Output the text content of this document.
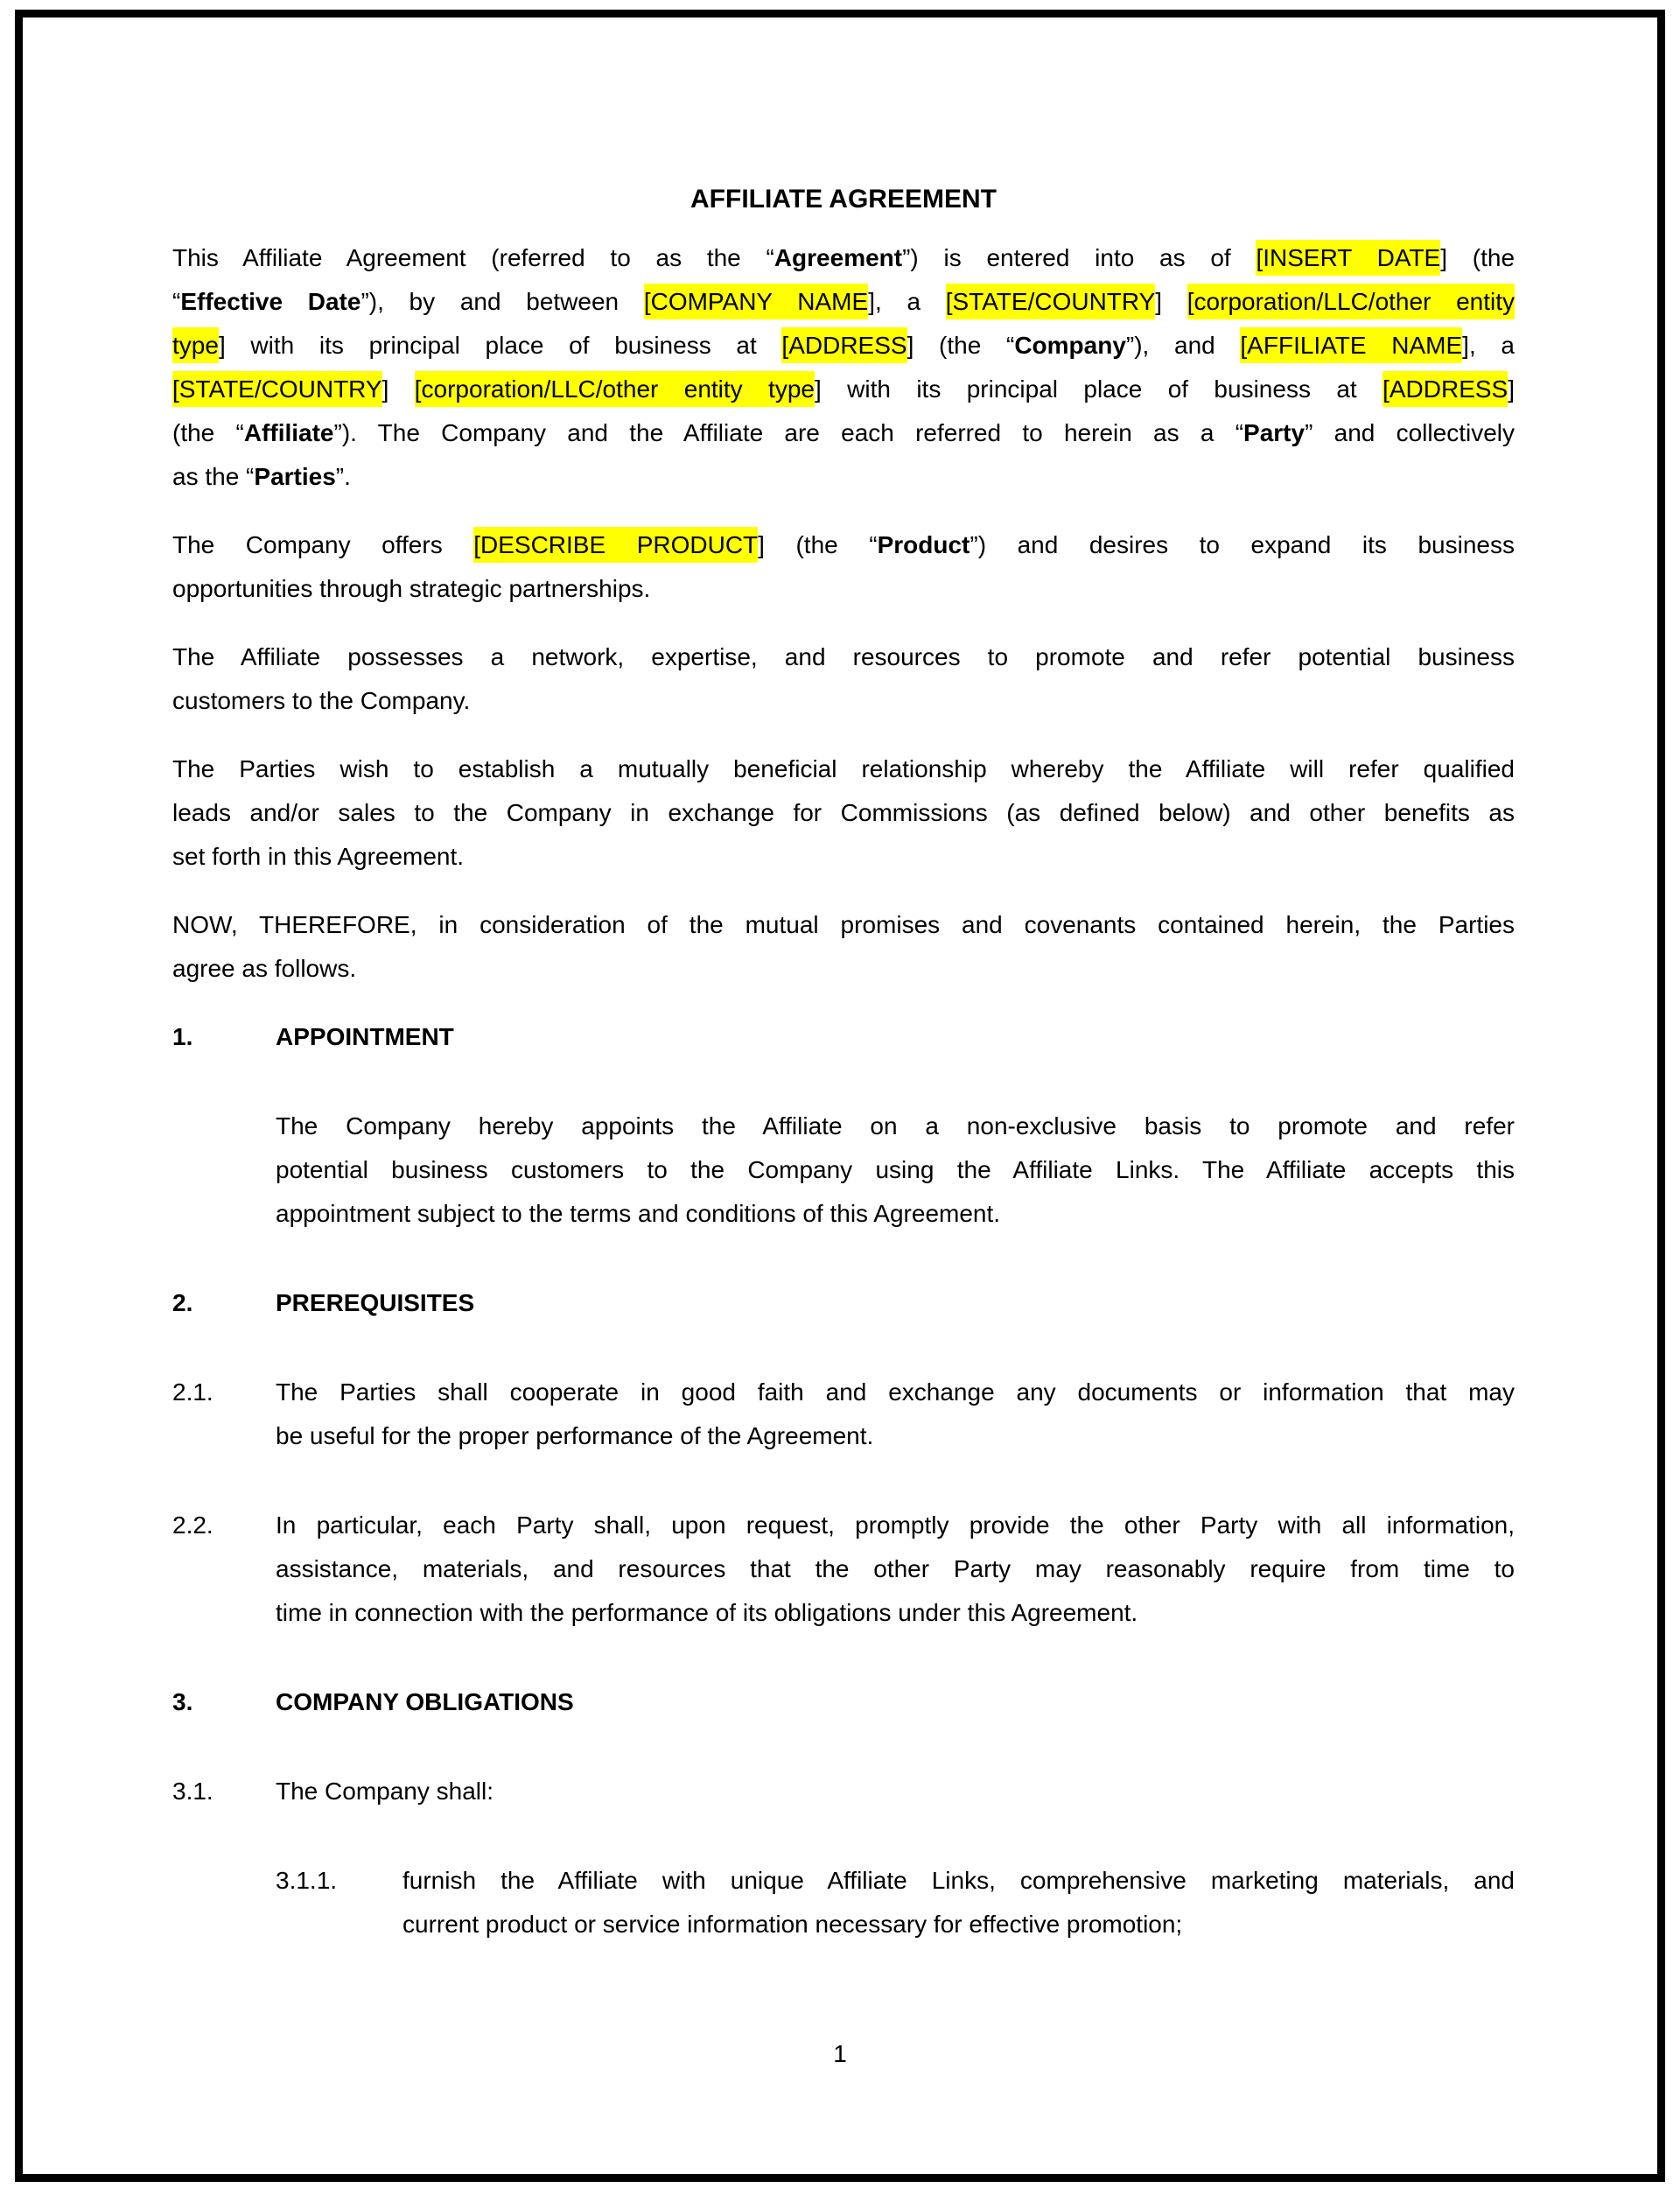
AFFILIATE AGREEMENT
This Affiliate Agreement (referred to as the “Agreement”) is entered into as of [INSERT DATE] (the
“Effective Date”), by and between [COMPANY NAME], a [STATE/COUNTRY] [corporation/LLC/other entity
type] with its principal place of business at [ADDRESS] (the “Company”), and [AFFILIATE NAME], a
[STATE/COUNTRY] [corporation/LLC/other entity type] with its principal place of business at [ADDRESS]
(the “Affiliate”). The Company and the Affiliate are each referred to herein as a “Party” and collectively
as the “Parties”.
The Company offers [DESCRIBE PRODUCT] (the “Product”) and desires to expand its business
opportunities through strategic partnerships.
The Affiliate possesses a network, expertise, and resources to promote and refer potential business
customers to the Company.
The Parties wish to establish a mutually beneficial relationship whereby the Affiliate will refer qualified
leads and/or sales to the Company in exchange for Commissions (as defined below) and other benefits as
set forth in this Agreement.
NOW, THEREFORE, in consideration of the mutual promises and covenants contained herein, the Parties
agree as follows.
1.	APPOINTMENT
The Company hereby appoints the Affiliate on a non-exclusive basis to promote and refer
potential business customers to the Company using the Affiliate Links. The Affiliate accepts this
appointment subject to the terms and conditions of this Agreement.
2.	PREREQUISITES
2.1.	The Parties shall cooperate in good faith and exchange any documents or information that may
be useful for the proper performance of the Agreement.
2.2.	In particular, each Party shall, upon request, promptly provide the other Party with all information,
assistance, materials, and resources that the other Party may reasonably require from time to
time in connection with the performance of its obligations under this Agreement.
3.	COMPANY OBLIGATIONS
3.1.	The Company shall:
3.1.1.	furnish the Affiliate with unique Affiliate Links, comprehensive marketing materials, and
current product or service information necessary for effective promotion;
1
